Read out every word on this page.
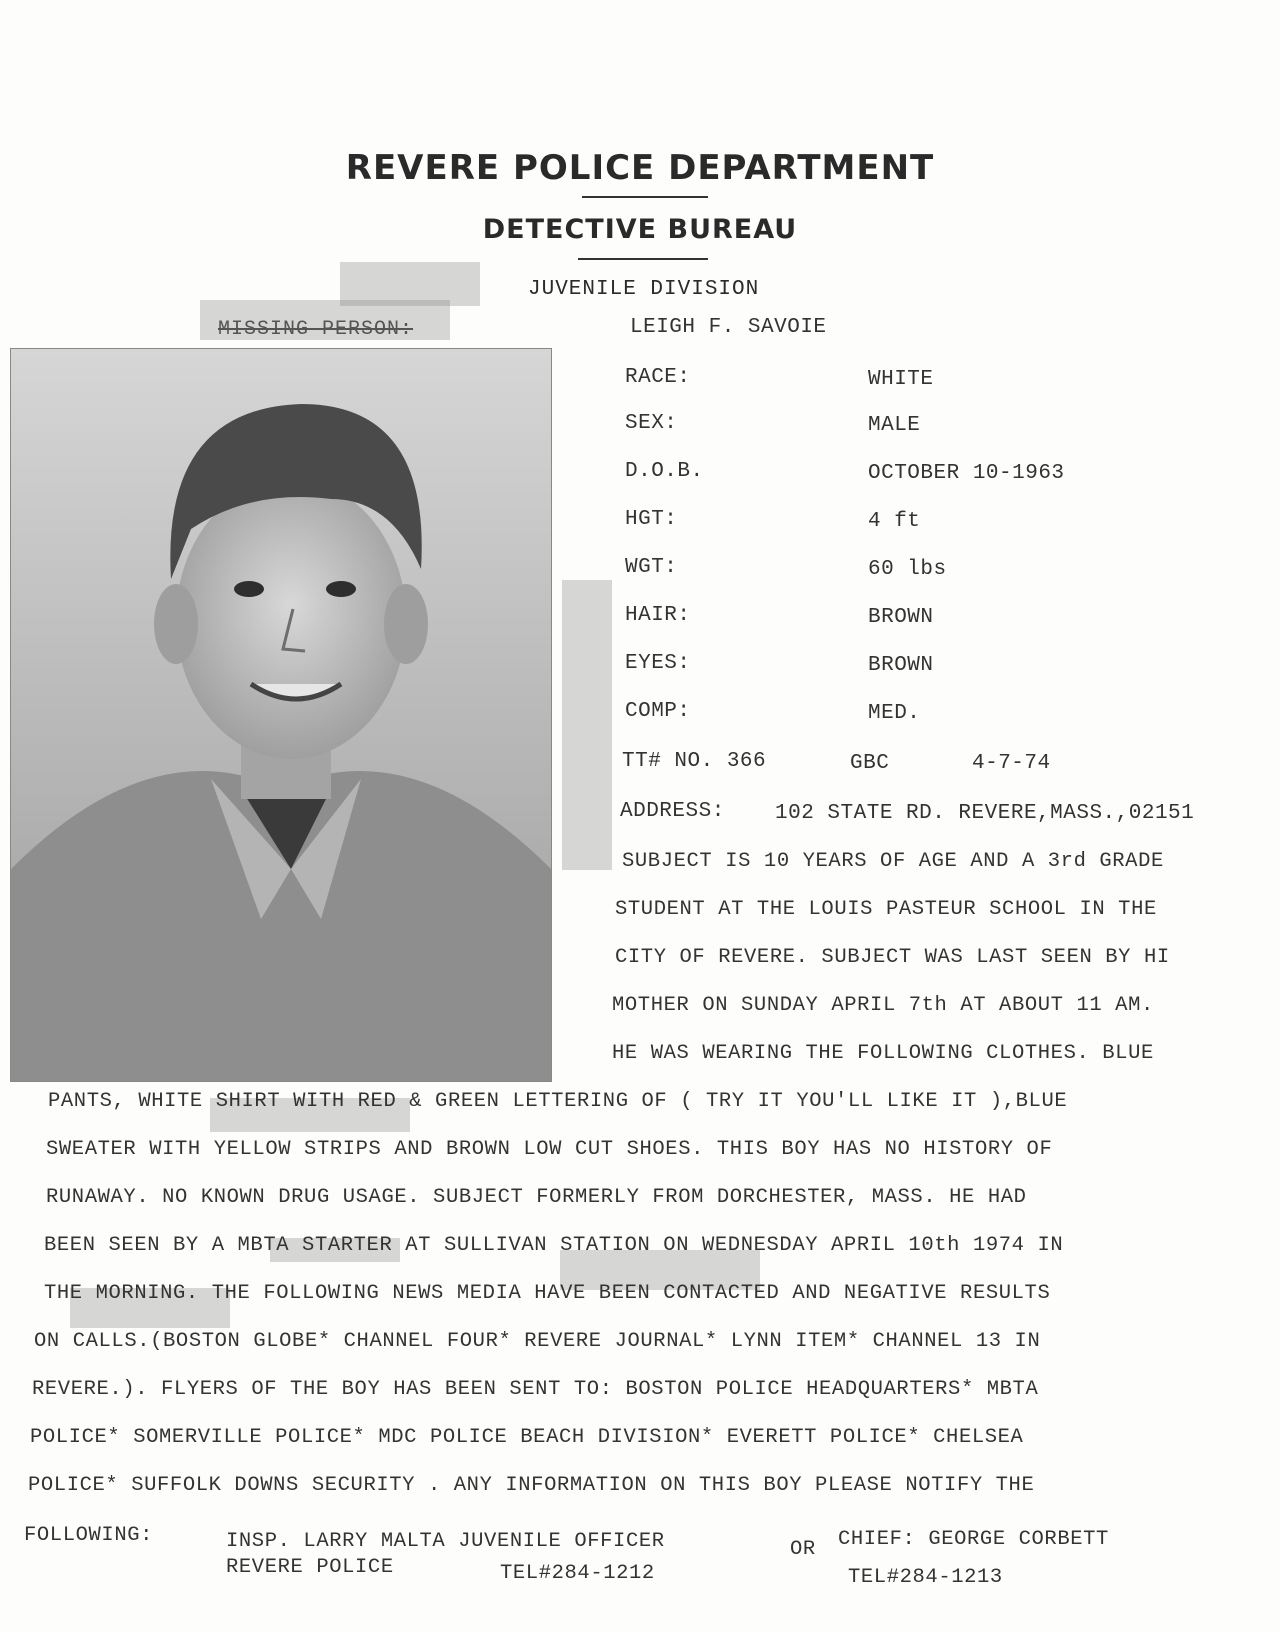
REVERE POLICE DEPARTMENT
DETECTIVE BUREAU
JUVENILE DIVISION
MISSING PERSON:	LEIGH F. SAVOIE
RACE:	WHITE
SEX:	MALE
D.O.B.	OCTOBER 10-1963
HGT:	4 ft
WGT:	60 lbs
HAIR:	BROWN
EYES:	BROWN
COMP:	MED.
TT# NO. 366	GBC	4-7-74
ADDRESS: 102 STATE RD. REVERE,MASS.,02151
SUBJECT IS 10 YEARS OF AGE AND A 3rd GRADE
STUDENT AT THE LOUIS PASTEUR SCHOOL IN THE
CITY OF REVERE. SUBJECT WAS LAST SEEN BY HI
MOTHER ON SUNDAY APRIL 7th AT ABOUT 11 AM.
HE WAS WEARING THE FOLLOWING CLOTHES. BLUE
PANTS, WHITE SHIRT WITH RED & GREEN LETTERING OF ( TRY IT YOU'LL LIKE IT ),BLUE
SWEATER WITH YELLOW STRIPS AND BROWN LOW CUT SHOES. THIS BOY HAS NO HISTORY OF
RUNAWAY. NO KNOWN DRUG USAGE. SUBJECT FORMERLY FROM DORCHESTER, MASS. HE HAD
BEEN SEEN BY A MBTA STARTER AT SULLIVAN STATION ON WEDNESDAY APRIL 10th 1974 IN
THE MORNING. THE FOLLOWING NEWS MEDIA HAVE BEEN CONTACTED AND NEGATIVE RESULTS
ON CALLS.(BOSTON GLOBE* CHANNEL FOUR* REVERE JOURNAL* LYNN ITEM* CHANNEL 13 IN
REVERE.). FLYERS OF THE BOY HAS BEEN SENT TO: BOSTON POLICE HEADQUARTERS* MBTA
POLICE* SOMERVILLE POLICE* MDC POLICE BEACH DIVISION* EVERETT POLICE* CHELSEA
POLICE* SUFFOLK DOWNS SECURITY . ANY INFORMATION ON THIS BOY PLEASE NOTIFY THE
FOLLOWING:	INSP. LARRY MALTA JUVENILE OFFICER
REVERE POLICE	TEL#284-1212
OR CHIEF: GEORGE CORBETT
TEL#284-1213
